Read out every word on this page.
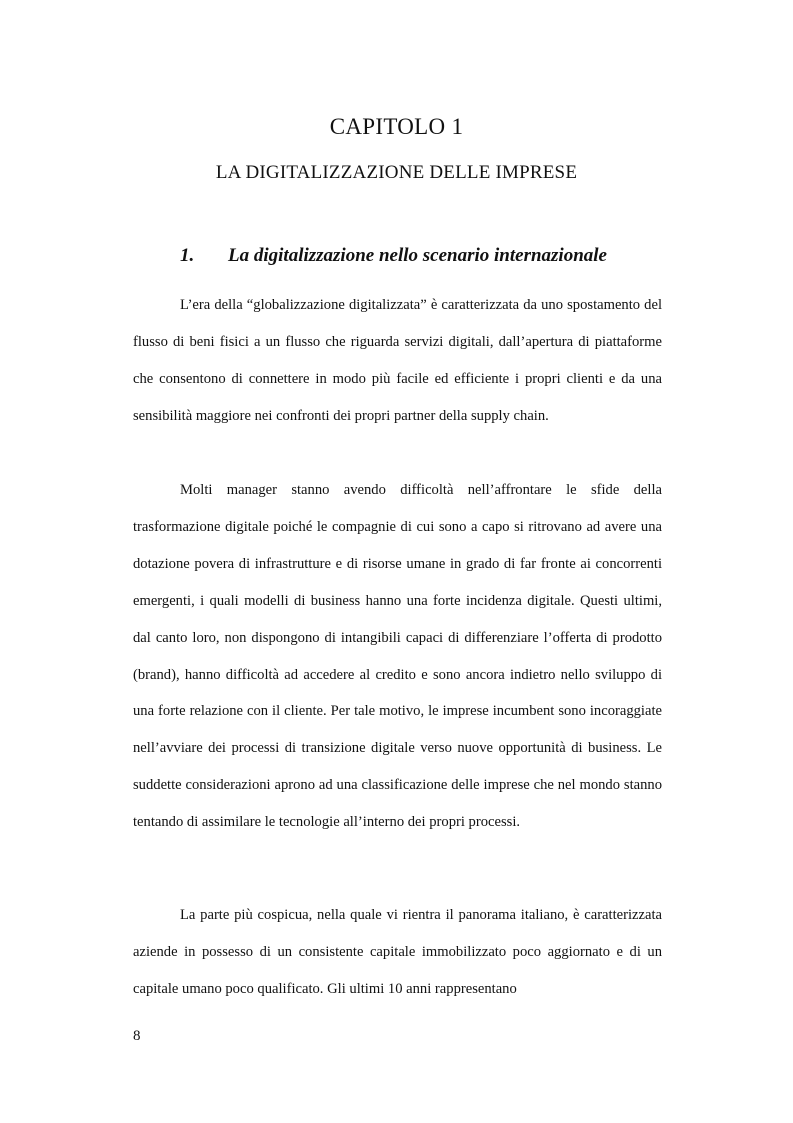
CAPITOLO 1
LA DIGITALIZZAZIONE DELLE IMPRESE
1. La digitalizzazione nello scenario internazionale

L’era della “globalizzazione digitalizzata” è caratterizzata da uno spostamento del flusso di beni fisici a un flusso che riguarda servizi digitali, dall’apertura di piattaforme che consentono di connettere in modo più facile ed efficiente i propri clienti e da una sensibilità maggiore nei confronti dei propri partner della supply chain.

Molti manager stanno avendo difficoltà nell’affrontare le sfide della trasformazione digitale poiché le compagnie di cui sono a capo si ritrovano ad avere una dotazione povera di infrastrutture e di risorse umane in grado di far fronte ai concorrenti emergenti, i quali modelli di business hanno una forte incidenza digitale. Questi ultimi, dal canto loro, non dispongono di intangibili capaci di differenziare l’offerta di prodotto (brand), hanno difficoltà ad accedere al credito e sono ancora indietro nello sviluppo di una forte relazione con il cliente. Per tale motivo, le imprese incumbent sono incoraggiate nell’avviare dei processi di transizione digitale verso nuove opportunità di business. Le suddette considerazioni aprono ad una classificazione delle imprese che nel mondo stanno tentando di assimilare le tecnologie all’interno dei propri processi.

La parte più cospicua, nella quale vi rientra il panorama italiano, è caratterizzata aziende in possesso di un consistente capitale immobilizzato poco aggiornato e di un capitale umano poco qualificato. Gli ultimi 10 anni rappresentano

8
